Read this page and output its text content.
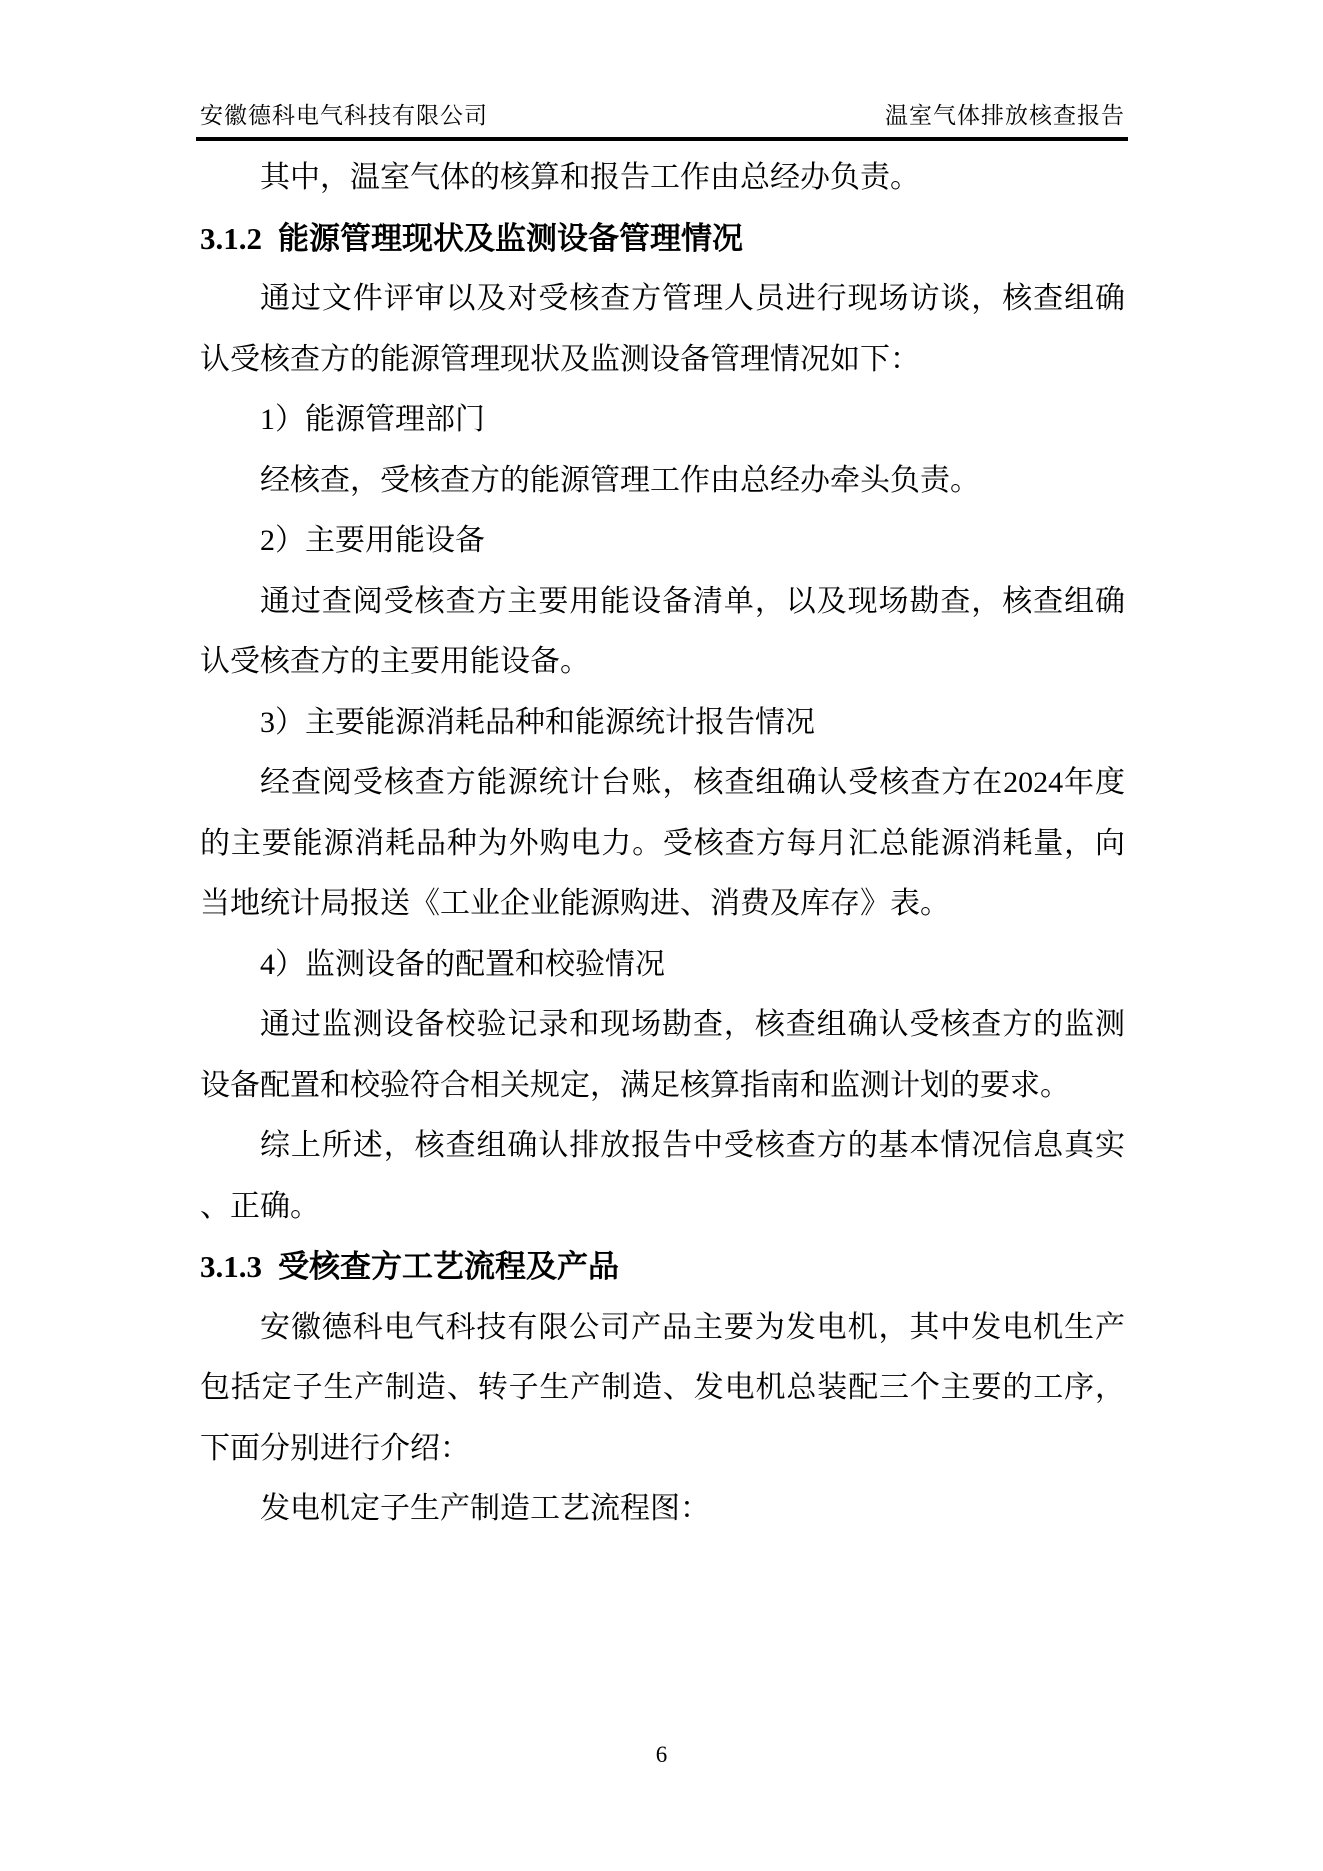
安徽德科电气科技有限公司	温室气体排放核查报告
其中，温室气体的核算和报告工作由总经办负责。
3.1.2 能源管理现状及监测设备管理情况
通过文件评审以及对受核查方管理人员进行现场访谈，核查组确
认受核查方的能源管理现状及监测设备管理情况如下：
1）能源管理部门
经核查，受核查方的能源管理工作由总经办牵头负责。
2）主要用能设备
通过查阅受核查方主要用能设备清单，以及现场勘查，核查组确
认受核查方的主要用能设备。
3）主要能源消耗品种和能源统计报告情况
经查阅受核查方能源统计台账，核查组确认受核查方在2024年度
的主要能源消耗品种为外购电力。受核查方每月汇总能源消耗量，向
当地统计局报送《工业企业能源购进、消费及库存》表。
4）监测设备的配置和校验情况
通过监测设备校验记录和现场勘查，核查组确认受核查方的监测
设备配置和校验符合相关规定，满足核算指南和监测计划的要求。
综上所述，核查组确认排放报告中受核查方的基本情况信息真实
、正确。
3.1.3 受核查方工艺流程及产品
安徽德科电气科技有限公司产品主要为发电机，其中发电机生产
包括定子生产制造、转子生产制造、发电机总装配三个主要的工序，
下面分别进行介绍：
发电机定子生产制造工艺流程图：
6
